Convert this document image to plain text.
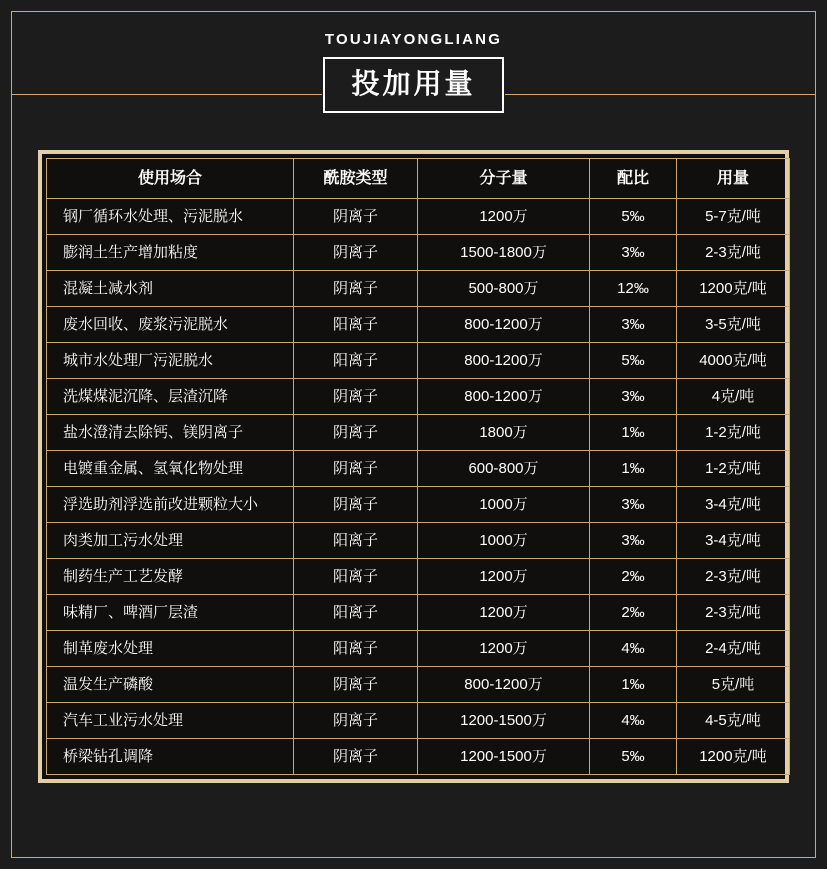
TOUJIAYONGLIANG
投加用量
使用场合	酰胺类型	分子量	配比	用量
钢厂循环水处理、污泥脱水	阴离子	1200万	5‰	5-7克/吨
膨润土生产增加粘度	阴离子	1500-1800万	3‰	2-3克/吨
混凝土减水剂	阴离子	500-800万	12‰	1200克/吨
废水回收、废浆污泥脱水	阳离子	800-1200万	3‰	3-5克/吨
城市水处理厂污泥脱水	阳离子	800-1200万	5‰	4000克/吨
洗煤煤泥沉降、层渣沉降	阴离子	800-1200万	3‰	4克/吨
盐水澄清去除钙、镁阴离子	阴离子	1800万	1‰	1-2克/吨
电镀重金属、氢氧化物处理	阴离子	600-800万	1‰	1-2克/吨
浮选助剂浮选前改进颗粒大小	阴离子	1000万	3‰	3-4克/吨
肉类加工污水处理	阳离子	1000万	3‰	3-4克/吨
制药生产工艺发酵	阳离子	1200万	2‰	2-3克/吨
味精厂、啤酒厂层渣	阳离子	1200万	2‰	2-3克/吨
制革废水处理	阳离子	1200万	4‰	2-4克/吨
温发生产磷酸	阴离子	800-1200万	1‰	5克/吨
汽车工业污水处理	阴离子	1200-1500万	4‰	4-5克/吨
桥梁钻孔调降	阴离子	1200-1500万	5‰	1200克/吨
